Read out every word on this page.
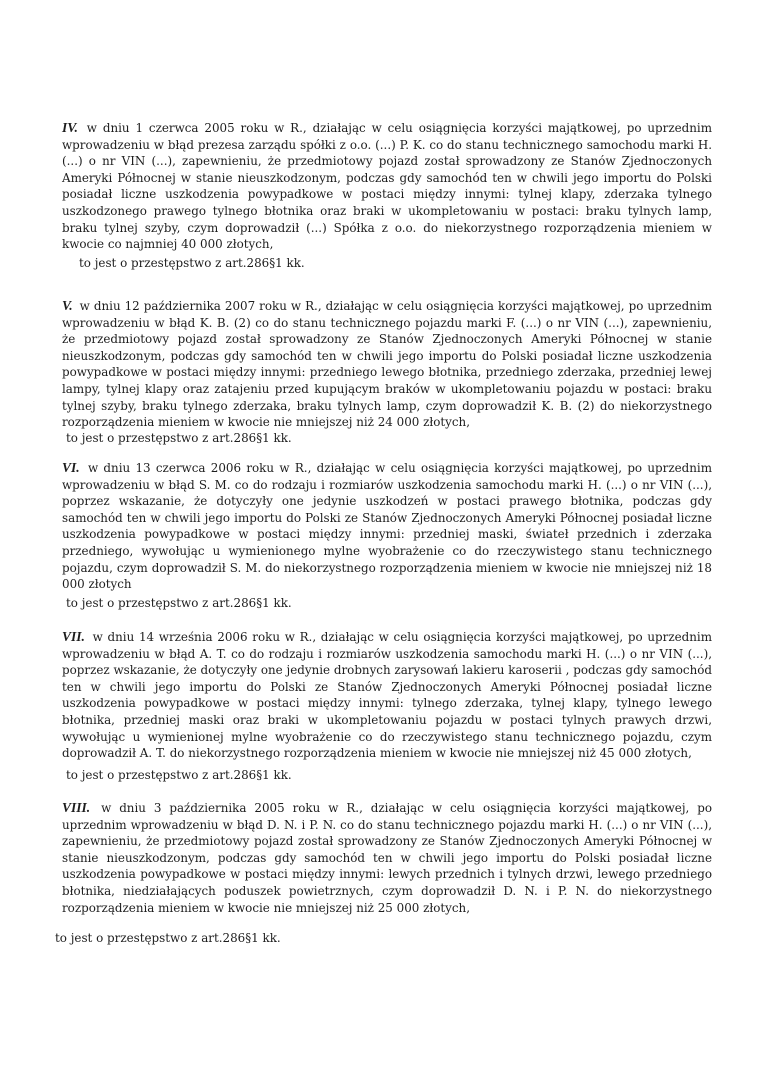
IV. w dniu 1 czerwca 2005 roku w R., działając w celu osiągnięcia korzyści majątkowej, po uprzednim wprowadzeniu w błąd prezesa zarządu spółki z o.o. (...) P. K. co do stanu technicznego samochodu marki H. (...) o nr VIN (...), zapewnieniu, że przedmiotowy pojazd został sprowadzony ze Stanów Zjednoczonych Ameryki Północnej w stanie nieuszkodzonym, podczas gdy samochód ten w chwili jego importu do Polski posiadał liczne uszkodzenia powypadkowe w postaci między innymi: tylnej klapy, zderzaka tylnego uszkodzonego prawego tylnego błotnika oraz braki w ukompletowaniu w postaci: braku tylnych lamp, braku tylnej szyby, czym doprowadził (...) Spółka z o.o. do niekorzystnego rozporządzenia mieniem w kwocie co najmniej 40 000 złotych,

to jest o przestępstwo z art.286§1 kk.

V. w dniu 12 października 2007 roku w R., działając w celu osiągnięcia korzyści majątkowej, po uprzednim wprowadzeniu w błąd K. B. (2) co do stanu technicznego pojazdu marki F. (...) o nr VIN (...), zapewnieniu, że przedmiotowy pojazd został sprowadzony ze Stanów Zjednoczonych Ameryki Północnej w stanie nieuszkodzonym, podczas gdy samochód ten w chwili jego importu do Polski posiadał liczne uszkodzenia powypadkowe w postaci między innymi: przedniego lewego błotnika, przedniego zderzaka, przedniej lewej lampy, tylnej klapy oraz zatajeniu przed kupującym braków w ukompletowaniu pojazdu w postaci: braku tylnej szyby, braku tylnego zderzaka, braku tylnych lamp, czym doprowadził K. B. (2) do niekorzystnego rozporządzenia mieniem w kwocie nie mniejszej niż 24 000 złotych,

to jest o przestępstwo z art.286§1 kk.

VI. w dniu 13 czerwca 2006 roku w R., działając w celu osiągnięcia korzyści majątkowej, po uprzednim wprowadzeniu w błąd S. M. co do rodzaju i rozmiarów uszkodzenia samochodu marki H. (...) o nr VIN (...), poprzez wskazanie, że dotyczyły one jedynie uszkodzeń w postaci prawego błotnika, podczas gdy samochód ten w chwili jego importu do Polski ze Stanów Zjednoczonych Ameryki Północnej posiadał liczne uszkodzenia powypadkowe w postaci między innymi: przedniej maski, świateł przednich i zderzaka przedniego, wywołując u wymienionego mylne wyobrażenie co do rzeczywistego stanu technicznego pojazdu, czym doprowadził S. M. do niekorzystnego rozporządzenia mieniem w kwocie nie mniejszej niż 18 000 złotych

to jest o przestępstwo z art.286§1 kk.

VII. w dniu 14 września 2006 roku w R., działając w celu osiągnięcia korzyści majątkowej, po uprzednim wprowadzeniu w błąd A. T. co do rodzaju i rozmiarów uszkodzenia samochodu marki H. (...) o nr VIN (...), poprzez wskazanie, że dotyczyły one jedynie drobnych zarysowań lakieru karoserii , podczas gdy samochód ten w chwili jego importu do Polski ze Stanów Zjednoczonych Ameryki Północnej posiadał liczne uszkodzenia powypadkowe w postaci między innymi: tylnego zderzaka, tylnej klapy, tylnego lewego błotnika, przedniej maski oraz braki w ukompletowaniu pojazdu w postaci tylnych prawych drzwi, wywołując u wymienionej mylne wyobrażenie co do rzeczywistego stanu technicznego pojazdu, czym doprowadził A. T. do niekorzystnego rozporządzenia mieniem w kwocie nie mniejszej niż 45 000 złotych,

to jest o przestępstwo z art.286§1 kk.

VIII. w dniu 3 października 2005 roku w R., działając w celu osiągnięcia korzyści majątkowej, po uprzednim wprowadzeniu w błąd D. N. i P. N. co do stanu technicznego pojazdu marki H. (...) o nr VIN (...), zapewnieniu, że przedmiotowy pojazd został sprowadzony ze Stanów Zjednoczonych Ameryki Północnej w stanie nieuszkodzonym, podczas gdy samochód ten w chwili jego importu do Polski posiadał liczne uszkodzenia powypadkowe w postaci między innymi: lewych przednich i tylnych drzwi, lewego przedniego błotnika, niedziałających poduszek powietrznych, czym doprowadził D. N. i P. N. do niekorzystnego rozporządzenia mieniem w kwocie nie mniejszej niż 25 000 złotych,

to jest o przestępstwo z art.286§1 kk.
